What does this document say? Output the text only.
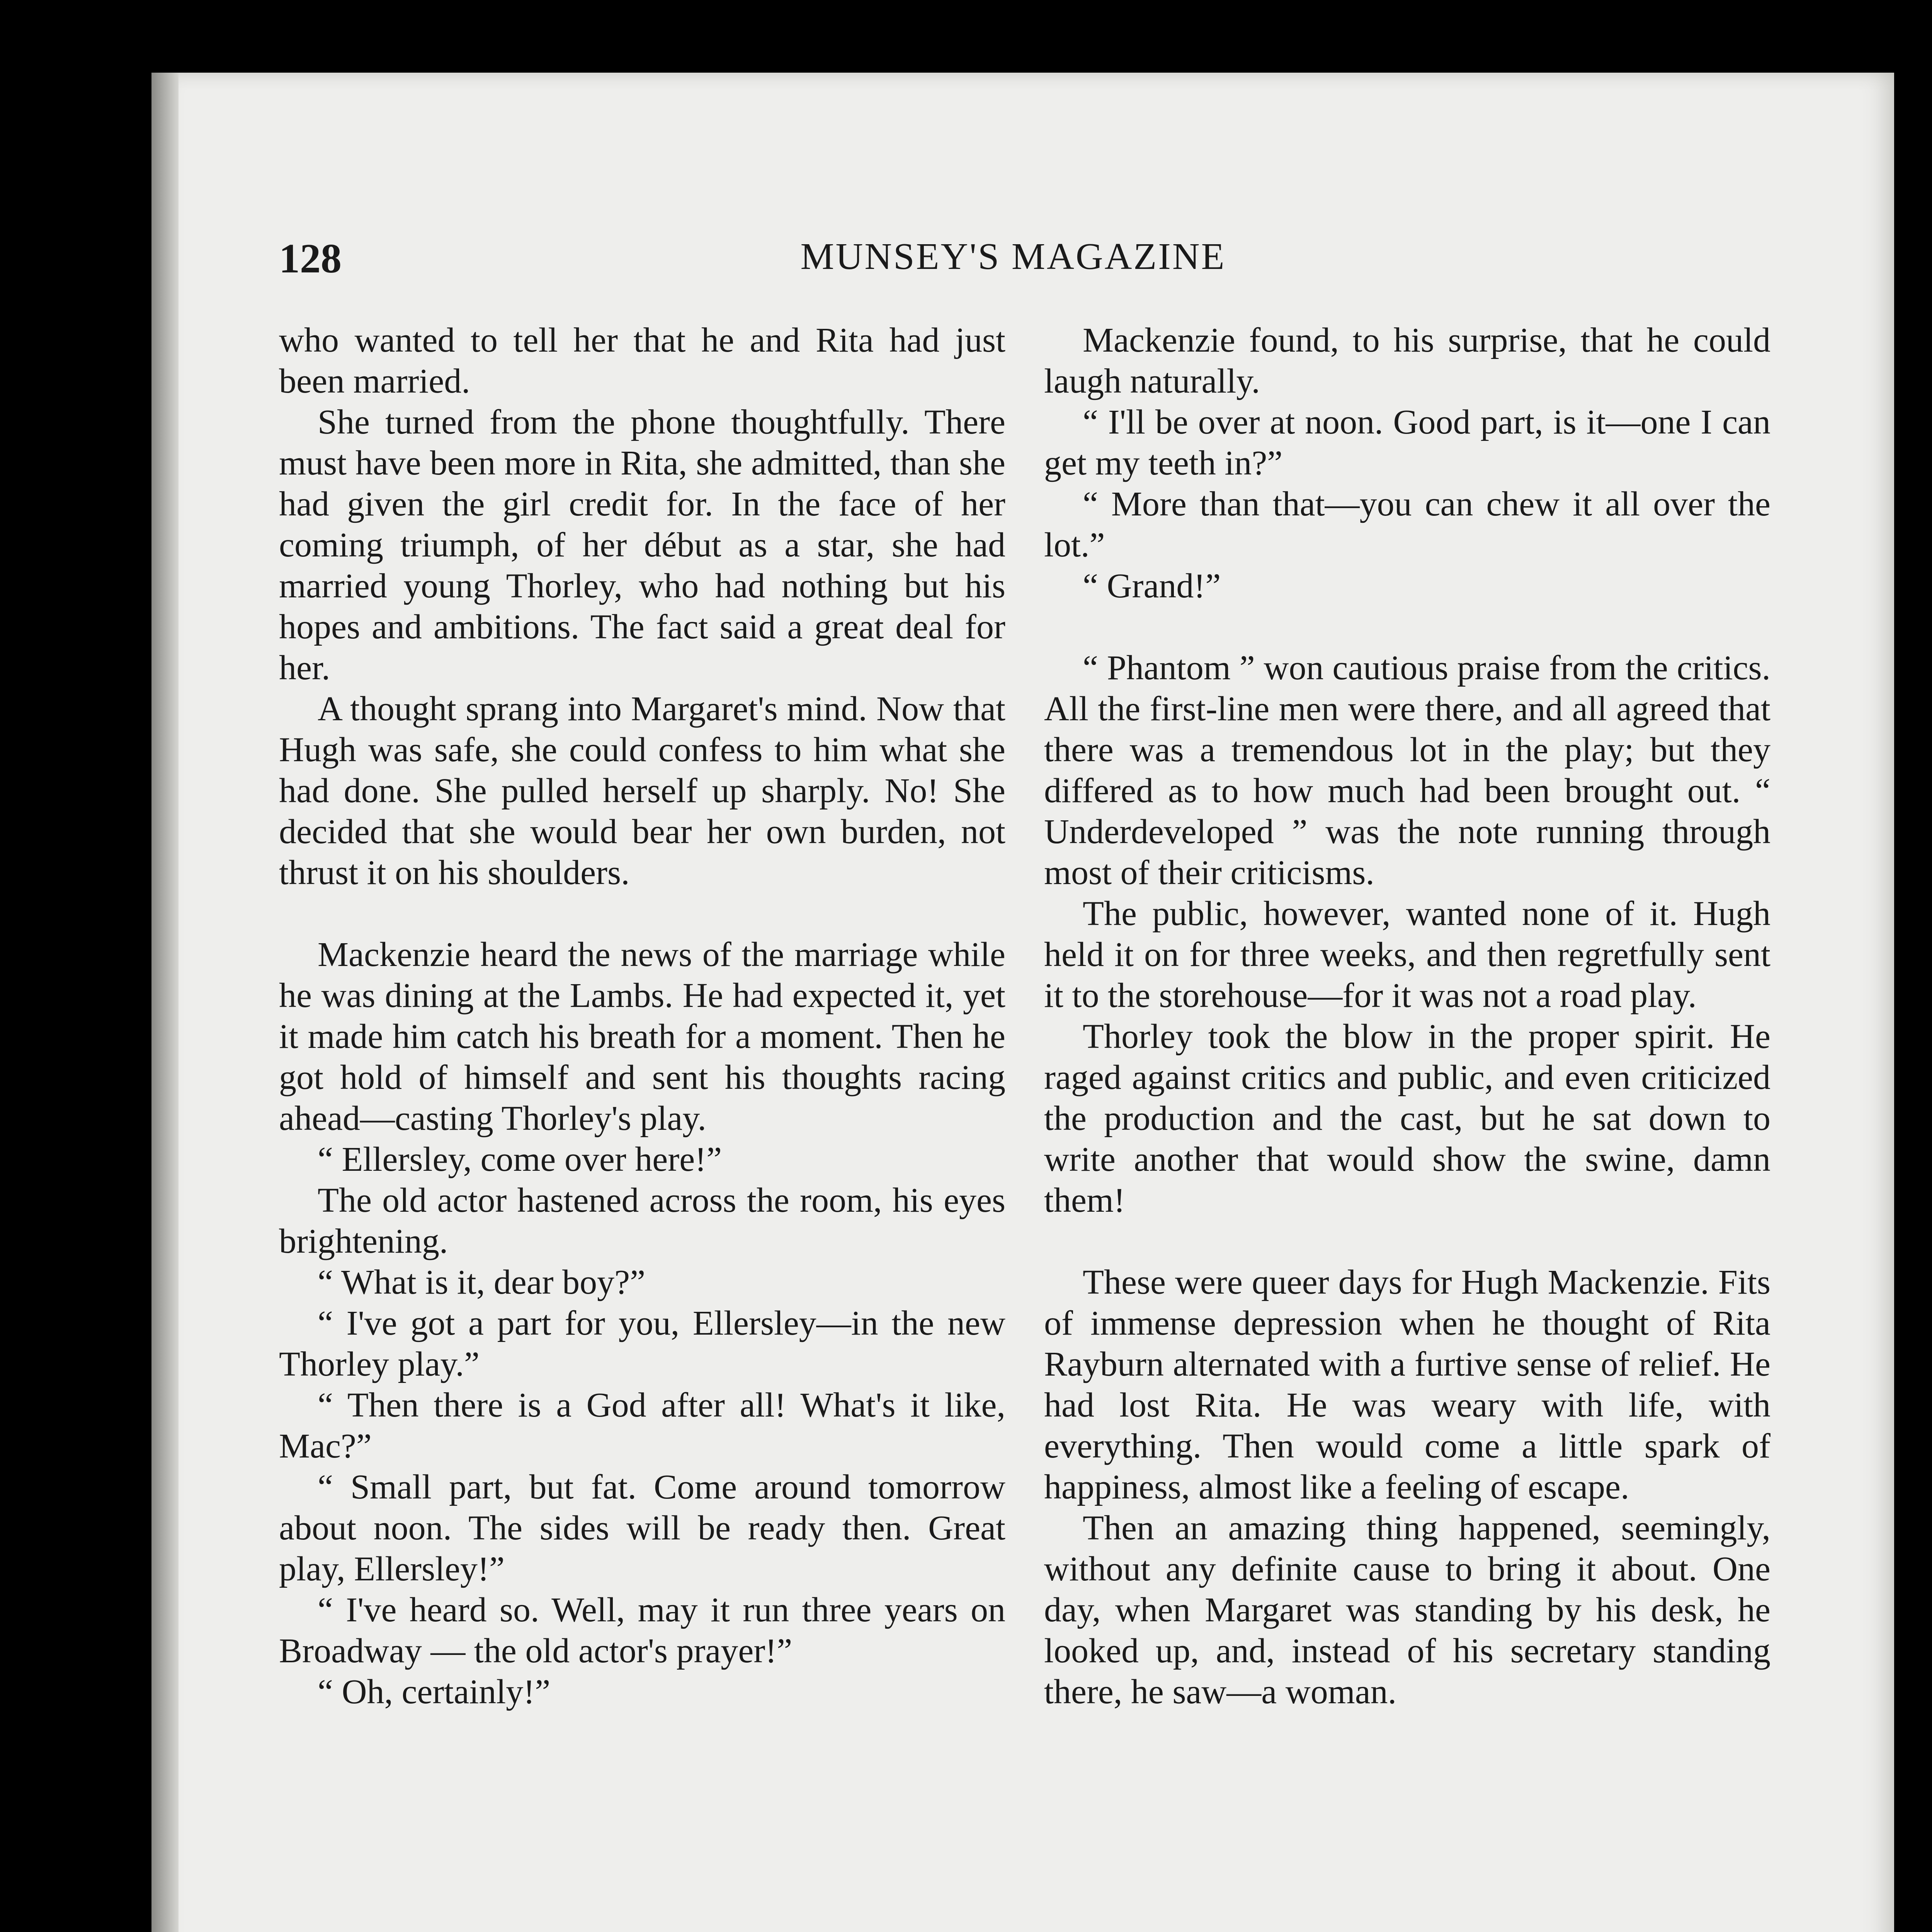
128	MUNSEY'S MAGAZINE

who wanted to tell her that he and Rita had just been married.

She turned from the phone thoughtfully. There must have been more in Rita, she admitted, than she had given the girl credit for. In the face of her coming triumph, of her début as a star, she had married young Thorley, who had nothing but his hopes and ambitions. The fact said a great deal for her.

A thought sprang into Margaret's mind. Now that Hugh was safe, she could confess to him what she had done. She pulled herself up sharply. No! She decided that she would bear her own burden, not thrust it on his shoulders.

Mackenzie heard the news of the marriage while he was dining at the Lambs. He had expected it, yet it made him catch his breath for a moment. Then he got hold of himself and sent his thoughts racing ahead—casting Thorley's play.

“ Ellersley, come over here!”

The old actor hastened across the room, his eyes brightening.

“ What is it, dear boy?”

“ I've got a part for you, Ellersley—in the new Thorley play.”

“ Then there is a God after all! What's it like, Mac?”

“ Small part, but fat. Come around tomorrow about noon. The sides will be ready then. Great play, Ellersley!”

“ I've heard so. Well, may it run three years on Broadway — the old actor's prayer!”

“ Oh, certainly!”

Mackenzie found, to his surprise, that he could laugh naturally.

“ I'll be over at noon. Good part, is it—one I can get my teeth in?”

“ More than that—you can chew it all over the lot.”

“ Grand!”

“ Phantom ” won cautious praise from the critics. All the first-line men were there, and all agreed that there was a tremendous lot in the play; but they differed as to how much had been brought out. “ Underdeveloped ” was the note running through most of their criticisms.

The public, however, wanted none of it. Hugh held it on for three weeks, and then regretfully sent it to the storehouse—for it was not a road play.

Thorley took the blow in the proper spirit. He raged against critics and public, and even criticized the production and the cast, but he sat down to write another that would show the swine, damn them!

These were queer days for Hugh Mackenzie. Fits of immense depression when he thought of Rita Rayburn alternated with a furtive sense of relief. He had lost Rita. He was weary with life, with everything. Then would come a little spark of happiness, almost like a feeling of escape.

Then an amazing thing happened, seemingly, without any definite cause to bring it about. One day, when Margaret was standing by his desk, he looked up, and, instead of his secretary standing there, he saw—a woman.
